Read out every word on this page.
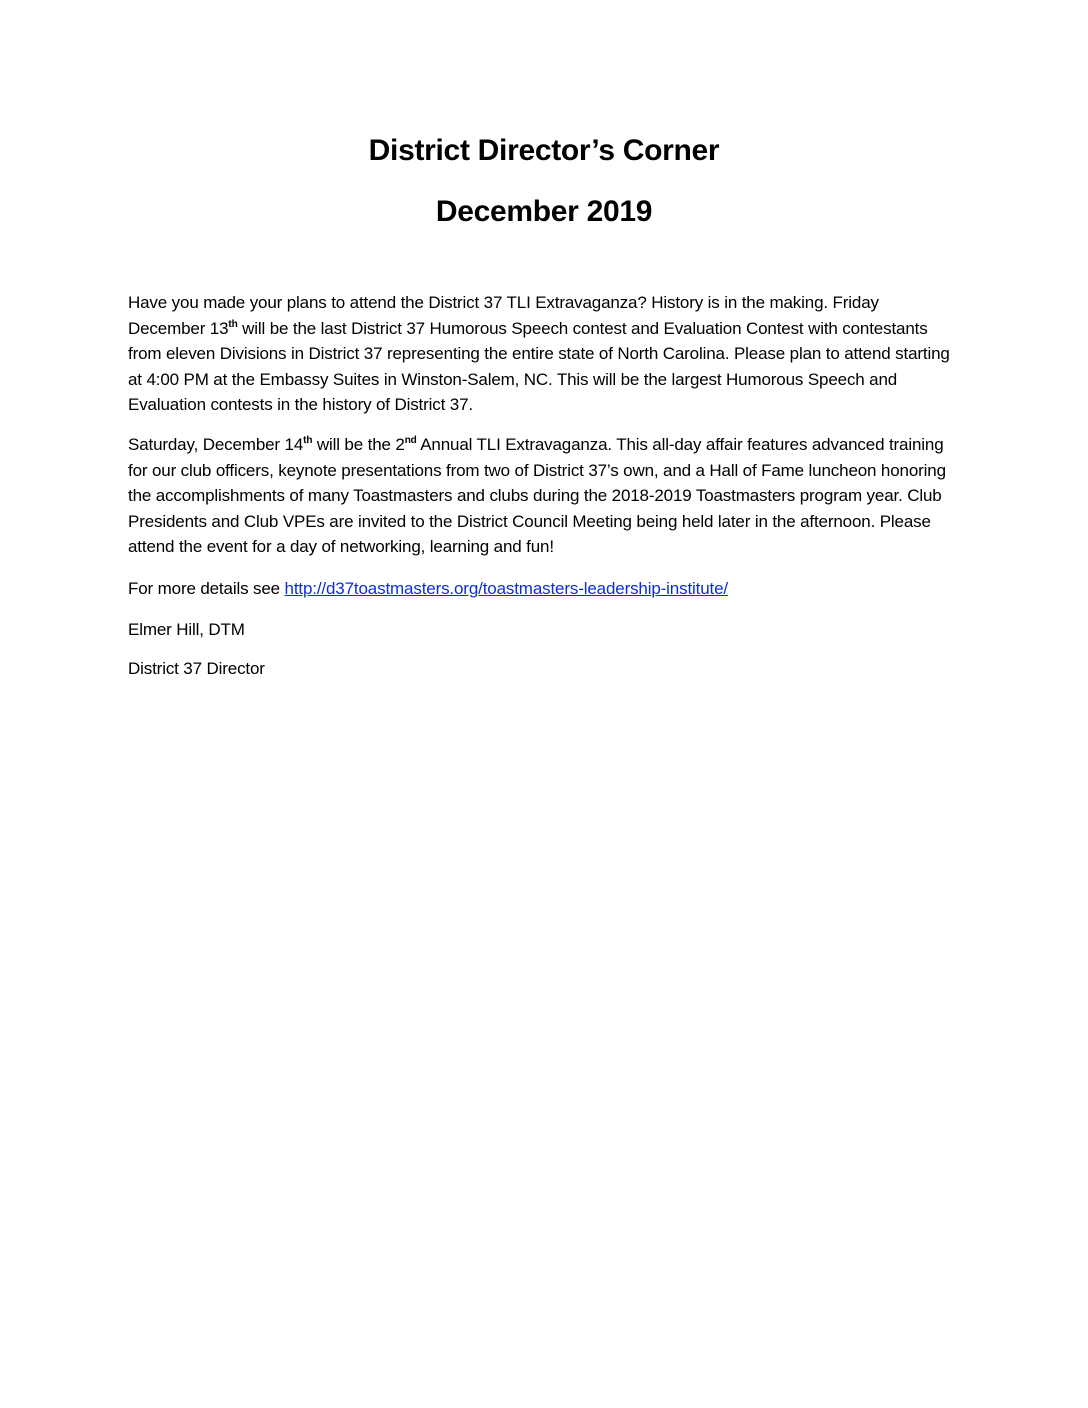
District Director’s Corner
December 2019

Have you made your plans to attend the District 37 TLI Extravaganza? History is in the making. Friday December 13th will be the last District 37 Humorous Speech contest and Evaluation Contest with contestants from eleven Divisions in District 37 representing the entire state of North Carolina. Please plan to attend starting at 4:00 PM at the Embassy Suites in Winston-Salem, NC. This will be the largest Humorous Speech and Evaluation contests in the history of District 37.

Saturday, December 14th will be the 2nd Annual TLI Extravaganza. This all-day affair features advanced training for our club officers, keynote presentations from two of District 37’s own, and a Hall of Fame luncheon honoring the accomplishments of many Toastmasters and clubs during the 2018-2019 Toastmasters program year. Club Presidents and Club VPEs are invited to the District Council Meeting being held later in the afternoon. Please attend the event for a day of networking, learning and fun!

For more details see http://d37toastmasters.org/toastmasters-leadership-institute/

Elmer Hill, DTM

District 37 Director
